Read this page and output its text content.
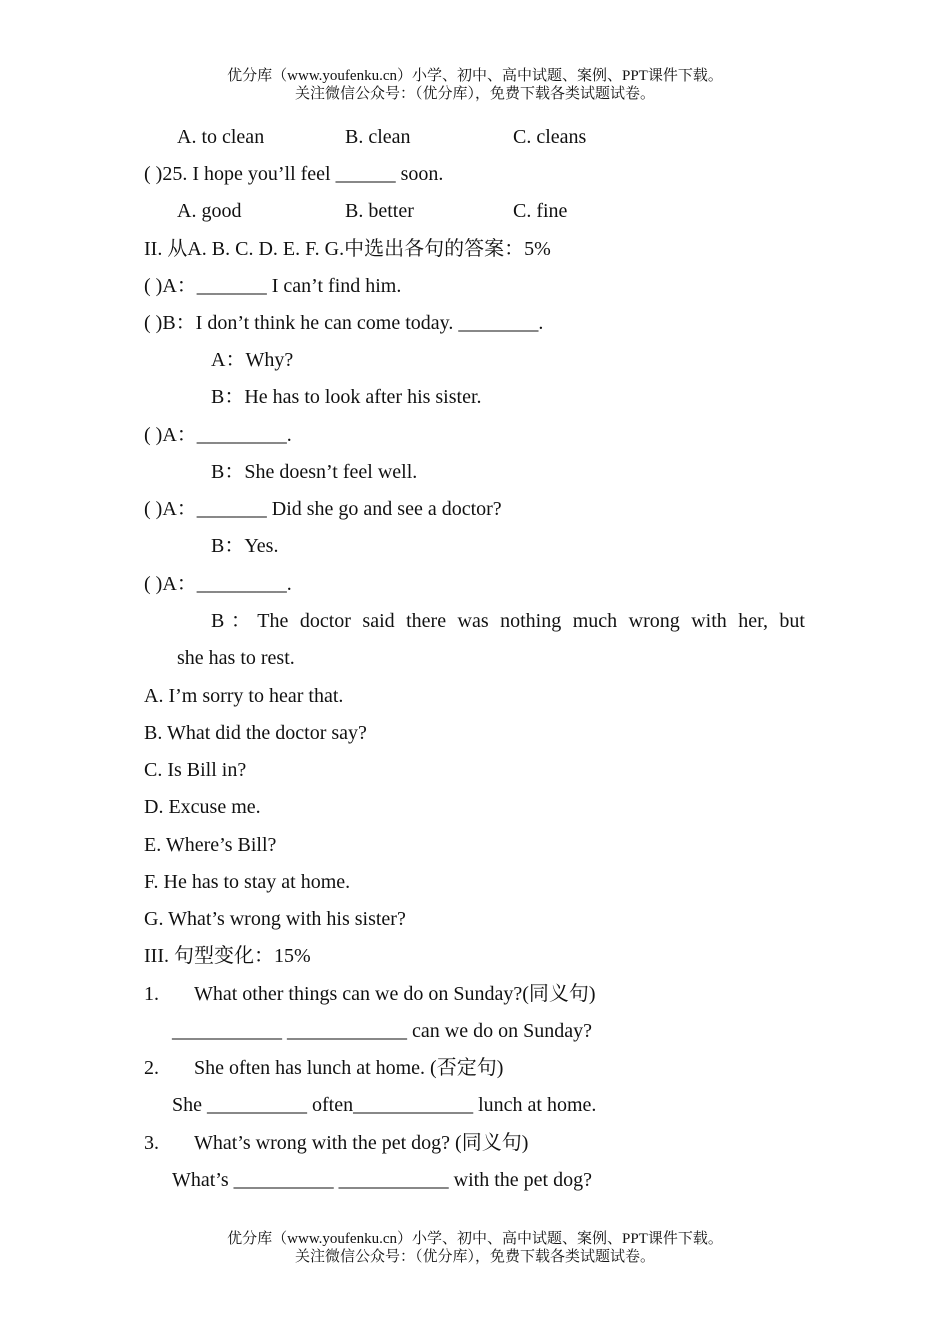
优分库（www.youfenku.cn）小学、初中、高中试题、案例、PPT课件下载。
关注微信公众号：（优分库），免费下载各类试题试卷。
A. to clean	B. clean	C. cleans
( )25. I hope you’ll feel ______ soon.
A. good	B. better	C. fine
II. 从A. B. C. D. E. F. G.中选出各句的答案：5%
( )A：_______ I can’t find him.
( )B：I don’t think he can come today. ________.
A：Why?
B：He has to look after his sister.
( )A：_________.
B：She doesn’t feel well.
( )A：_______ Did she go and see a doctor?
B：Yes.
( )A：_________.
B：The doctor said there was nothing much wrong with her, but
she has to rest.
A. I’m sorry to hear that.
B. What did the doctor say?
C. Is Bill in?
D. Excuse me.
E. Where’s Bill?
F. He has to stay at home.
G. What’s wrong with his sister?
III. 句型变化：15%
1. What other things can we do on Sunday?(同义句)
___________ ____________ can we do on Sunday?
2. She often has lunch at home. (否定句)
She __________ often____________ lunch at home.
3. What’s wrong with the pet dog? (同义句)
What’s __________ ___________ with the pet dog?
优分库（www.youfenku.cn）小学、初中、高中试题、案例、PPT课件下载。
关注微信公众号：（优分库），免费下载各类试题试卷。
